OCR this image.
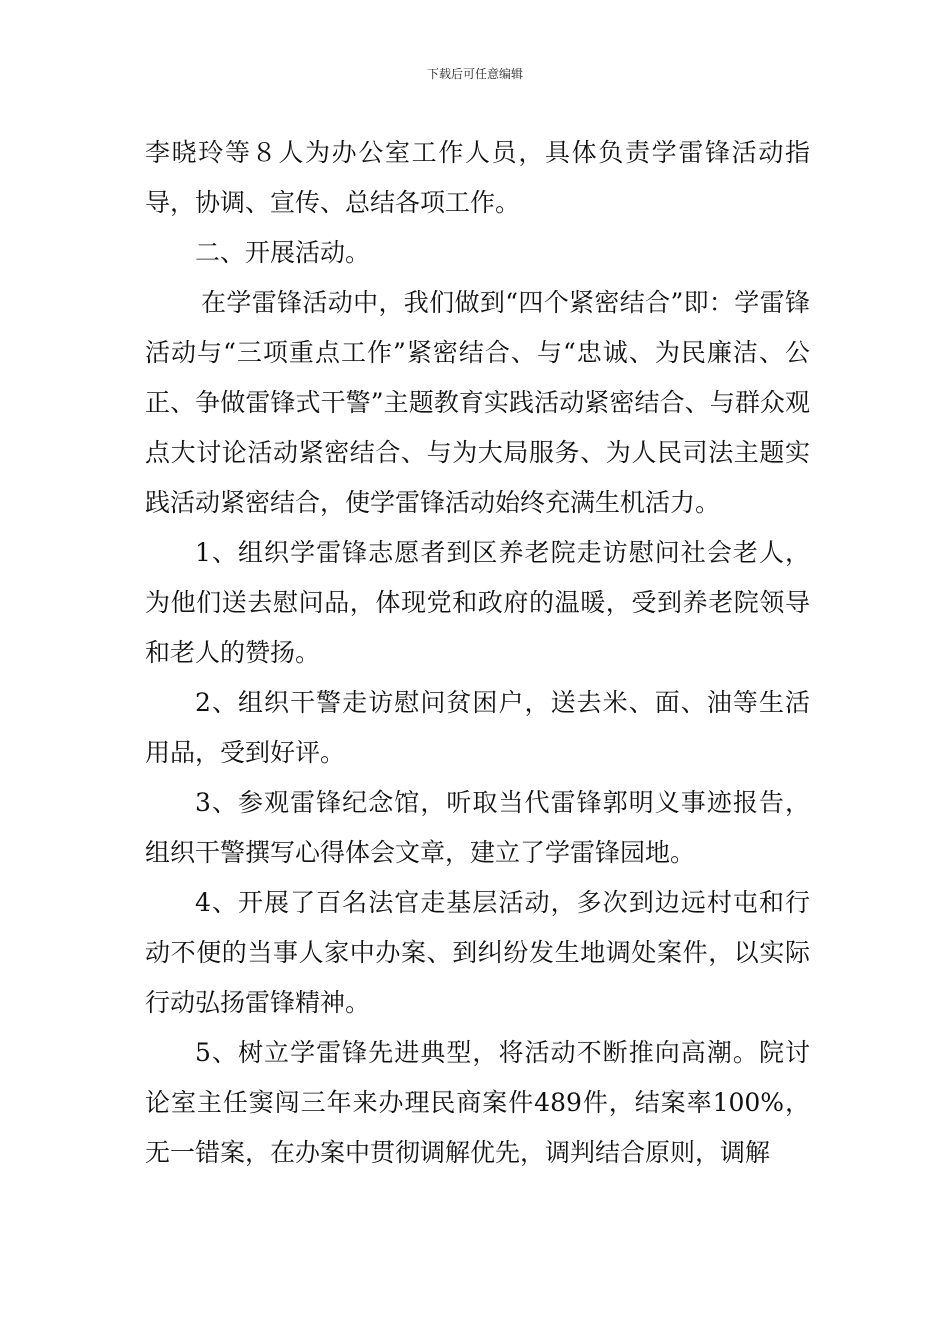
下载后可任意编辑

李晓玲等８人为办公室工作人员，具体负责学雷锋活动指导，协调、宣传、总结各项工作。

二、开展活动。

在学雷锋活动中，我们做到“四个紧密结合”即：学雷锋活动与“三项重点工作”紧密结合、与“忠诚、为民廉洁、公正、争做雷锋式干警”主题教育实践活动紧密结合、与群众观点大讨论活动紧密结合、与为大局服务、为人民司法主题实践活动紧密结合，使学雷锋活动始终充满生机活力。

1、组织学雷锋志愿者到区养老院走访慰问社会老人，为他们送去慰问品，体现党和政府的温暖，受到养老院领导和老人的赞扬。

2、组织干警走访慰问贫困户，送去米、面、油等生活用品，受到好评。

3、参观雷锋纪念馆，听取当代雷锋郭明义事迹报告，组织干警撰写心得体会文章，建立了学雷锋园地。

4、开展了百名法官走基层活动，多次到边远村屯和行动不便的当事人家中办案、到纠纷发生地调处案件，以实际行动弘扬雷锋精神。

5、树立学雷锋先进典型，将活动不断推向高潮。院讨论室主任窦闯三年来办理民商案件489件，结案率100%，无一错案，在办案中贯彻调解优先，调判结合原则，调解
